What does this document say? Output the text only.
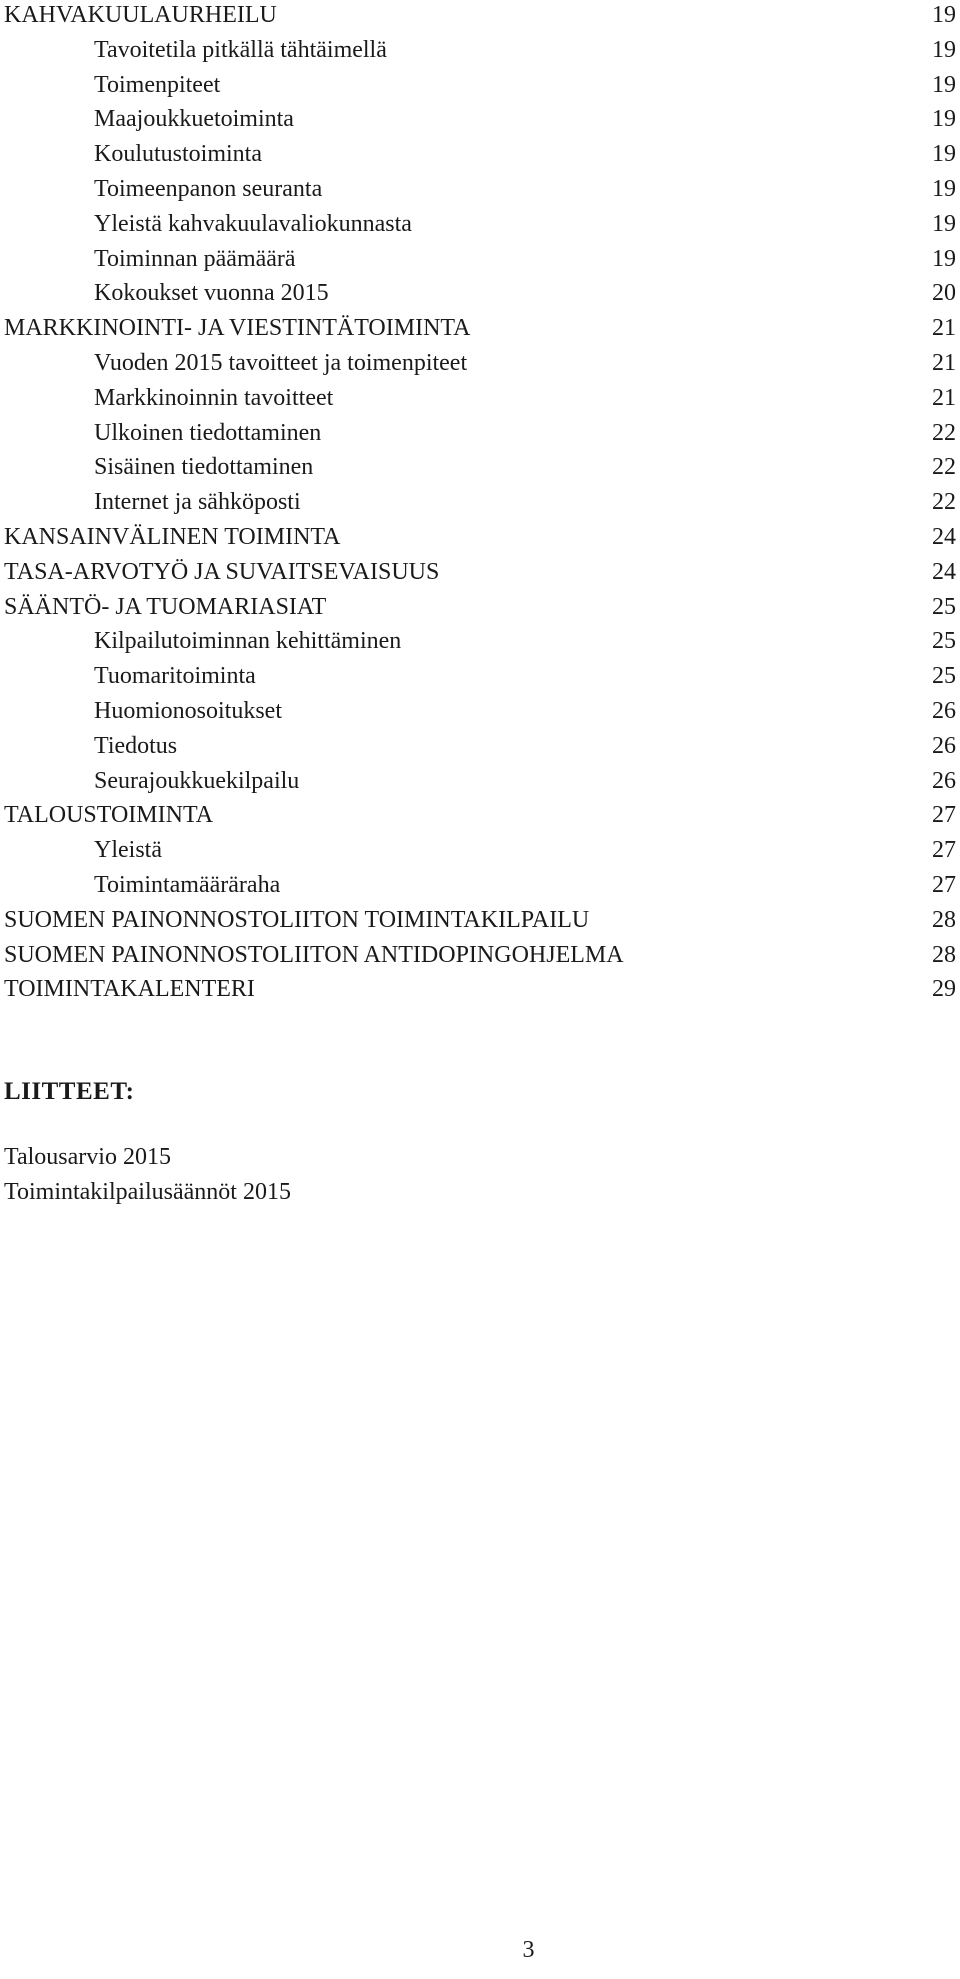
KAHVAKUULAURHEILU	19
Tavoitetila pitkällä tähtäimellä	19
Toimenpiteet	19
Maajoukkuetoiminta	19
Koulutustoiminta	19
Toimeenpanon seuranta	19
Yleistä kahvakuulavaliokunnasta	19
Toiminnan päämäärä	19
Kokoukset vuonna 2015	20
MARKKINOINTI- JA VIESTINTÄTOIMINTA	21
Vuoden 2015 tavoitteet ja toimenpiteet	21
Markkinoinnin tavoitteet	21
Ulkoinen tiedottaminen	22
Sisäinen tiedottaminen	22
Internet ja sähköposti	22
KANSAINVÄLINEN TOIMINTA	24
TASA-ARVOTYÖ JA SUVAITSEVAISUUS	24
SÄÄNTÖ- JA TUOMARIASIAT	25
Kilpailutoiminnan kehittäminen	25
Tuomaritoiminta	25
Huomionosoitukset	26
Tiedotus	26
Seurajoukkuekilpailu	26
TALOUSTOIMINTA	27
Yleistä	27
Toimintamääräraha	27
SUOMEN PAINONNOSTOLIITON TOIMINTAKILPAILU	28
SUOMEN PAINONNOSTOLIITON ANTIDOPINGOHJELMA	28
TOIMINTAKALENTERI	29
LIITTEET:
Talousarvio 2015
Toimintakilpailusäännöt 2015
3
